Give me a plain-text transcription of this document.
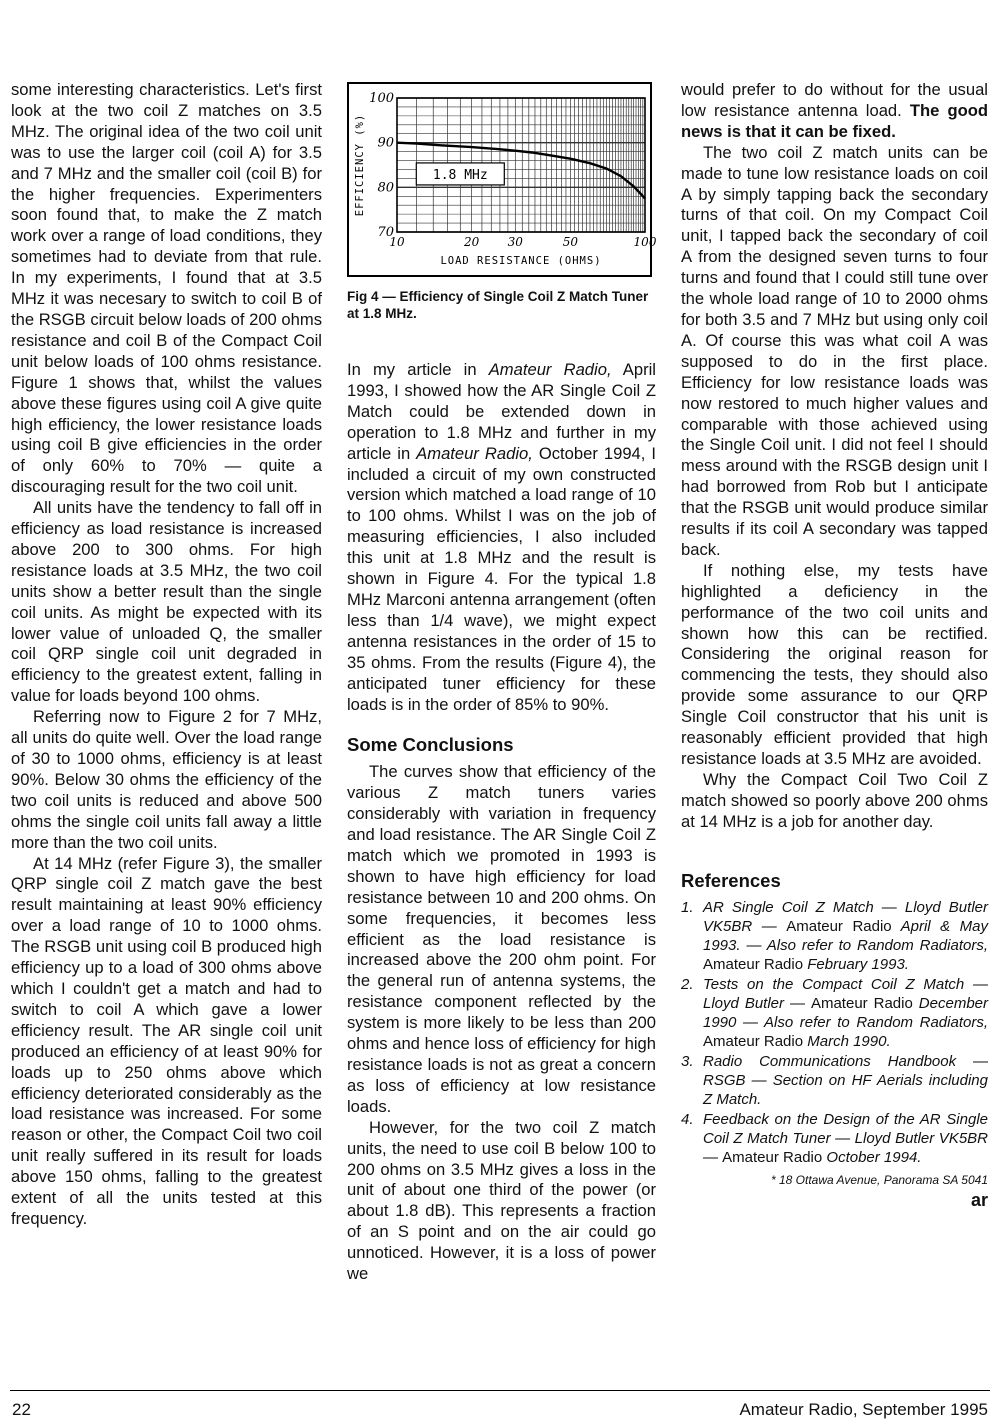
some interesting characteristics. Let's first look at the two coil Z matches on 3.5 MHz. The original idea of the two coil unit was to use the larger coil (coil A) for 3.5 and 7 MHz and the smaller coil (coil B) for the higher frequencies. Experimenters soon found that, to make the Z match work over a range of load conditions, they sometimes had to deviate from that rule. In my experiments, I found that at 3.5 MHz it was necesary to switch to coil B of the RSGB circuit below loads of 200 ohms resistance and coil B of the Compact Coil unit below loads of 100 ohms resistance. Figure 1 shows that, whilst the values above these figures using coil A give quite high efficiency, the lower resistance loads using coil B give efficiencies in the order of only 60% to 70% — quite a discouraging result for the two coil unit.

All units have the tendency to fall off in efficiency as load resistance is increased above 200 to 300 ohms. For high resistance loads at 3.5 MHz, the two coil units show a better result than the single coil units. As might be expected with its lower value of unloaded Q, the smaller coil QRP single coil unit degraded in efficiency to the greatest extent, falling in value for loads beyond 100 ohms.

Referring now to Figure 2 for 7 MHz, all units do quite well. Over the load range of 30 to 1000 ohms, efficiency is at least 90%. Below 30 ohms the efficiency of the two coil units is reduced and above 500 ohms the single coil units fall away a little more than the two coil units.

At 14 MHz (refer Figure 3), the smaller QRP single coil Z match gave the best result maintaining at least 90% efficiency over a load range of 10 to 1000 ohms. The RSGB unit using coil B produced high efficiency up to a load of 300 ohms above which I couldn't get a match and had to switch to coil A which gave a lower efficiency result. The AR single coil unit produced an efficiency of at least 90% for loads up to 250 ohms above which efficiency deteriorated considerably as the load resistance was increased. For some reason or other, the Compact Coil two coil unit really suffered in its result for loads above 150 ohms, falling to the greatest extent of all the units tested at this frequency.

10	20 30	50	100
70
80
90
100
1.8 MHz
LOAD RESISTANCE (OHMS)
EFFICIENCY (%)
Fig 4 — Efficiency of Single Coil Z Match Tuner at 1.8 MHz.

In my article in Amateur Radio, April 1993, I showed how the AR Single Coil Z Match could be extended down in operation to 1.8 MHz and further in my article in Amateur Radio, October 1994, I included a circuit of my own constructed version which matched a load range of 10 to 100 ohms. Whilst I was on the job of measuring efficiencies, I also included this unit at 1.8 MHz and the result is shown in Figure 4. For the typical 1.8 MHz Marconi antenna arrangement (often less than 1/4 wave), we might expect antenna resistances in the order of 15 to 35 ohms. From the results (Figure 4), the anticipated tuner efficiency for these loads is in the order of 85% to 90%.

Some Conclusions

The curves show that efficiency of the various Z match tuners varies considerably with variation in frequency and load resistance. The AR Single Coil Z match which we promoted in 1993 is shown to have high efficiency for load resistance between 10 and 200 ohms. On some frequencies, it becomes less efficient as the load resistance is increased above the 200 ohm point. For the general run of antenna systems, the resistance component reflected by the system is more likely to be less than 200 ohms and hence loss of efficiency for high resistance loads is not as great a concern as loss of efficiency at low resistance loads.

However, for the two coil Z match units, the need to use coil B below 100 to 200 ohms on 3.5 MHz gives a loss in the unit of about one third of the power (or about 1.8 dB). This represents a fraction of an S point and on the air could go unnoticed. However, it is a loss of power we

would prefer to do without for the usual low resistance antenna load. The good news is that it can be fixed.

The two coil Z match units can be made to tune low resistance loads on coil A by simply tapping back the secondary turns of that coil. On my Compact Coil unit, I tapped back the secondary of coil A from the designed seven turns to four turns and found that I could still tune over the whole load range of 10 to 2000 ohms for both 3.5 and 7 MHz but using only coil A. Of course this was what coil A was supposed to do in the first place. Efficiency for low resistance loads was now restored to much higher values and comparable with those achieved using the Single Coil unit. I did not feel I should mess around with the RSGB design unit I had borrowed from Rob but I anticipate that the RSGB unit would produce similar results if its coil A secondary was tapped back.

If nothing else, my tests have highlighted a deficiency in the performance of the two coil units and shown how this can be rectified. Considering the original reason for commencing the tests, they should also provide some assurance to our QRP Single Coil constructor that his unit is reasonably efficient provided that high resistance loads at 3.5 MHz are avoided.

Why the Compact Coil Two Coil Z match showed so poorly above 200 ohms at 14 MHz is a job for another day.

References
1. AR Single Coil Z Match — Lloyd Butler VK5BR — Amateur Radio April & May 1993. — Also refer to Random Radiators, Amateur Radio February 1993.
2. Tests on the Compact Coil Z Match — Lloyd Butler — Amateur Radio December 1990 — Also refer to Random Radiators, Amateur Radio March 1990.
3. Radio Communications Handbook — RSGB — Section on HF Aerials including Z Match.
4. Feedback on the Design of the AR Single Coil Z Match Tuner — Lloyd Butler VK5BR — Amateur Radio October 1994.
* 18 Ottawa Avenue, Panorama SA 5041
ar
22	Amateur Radio, September 1995
